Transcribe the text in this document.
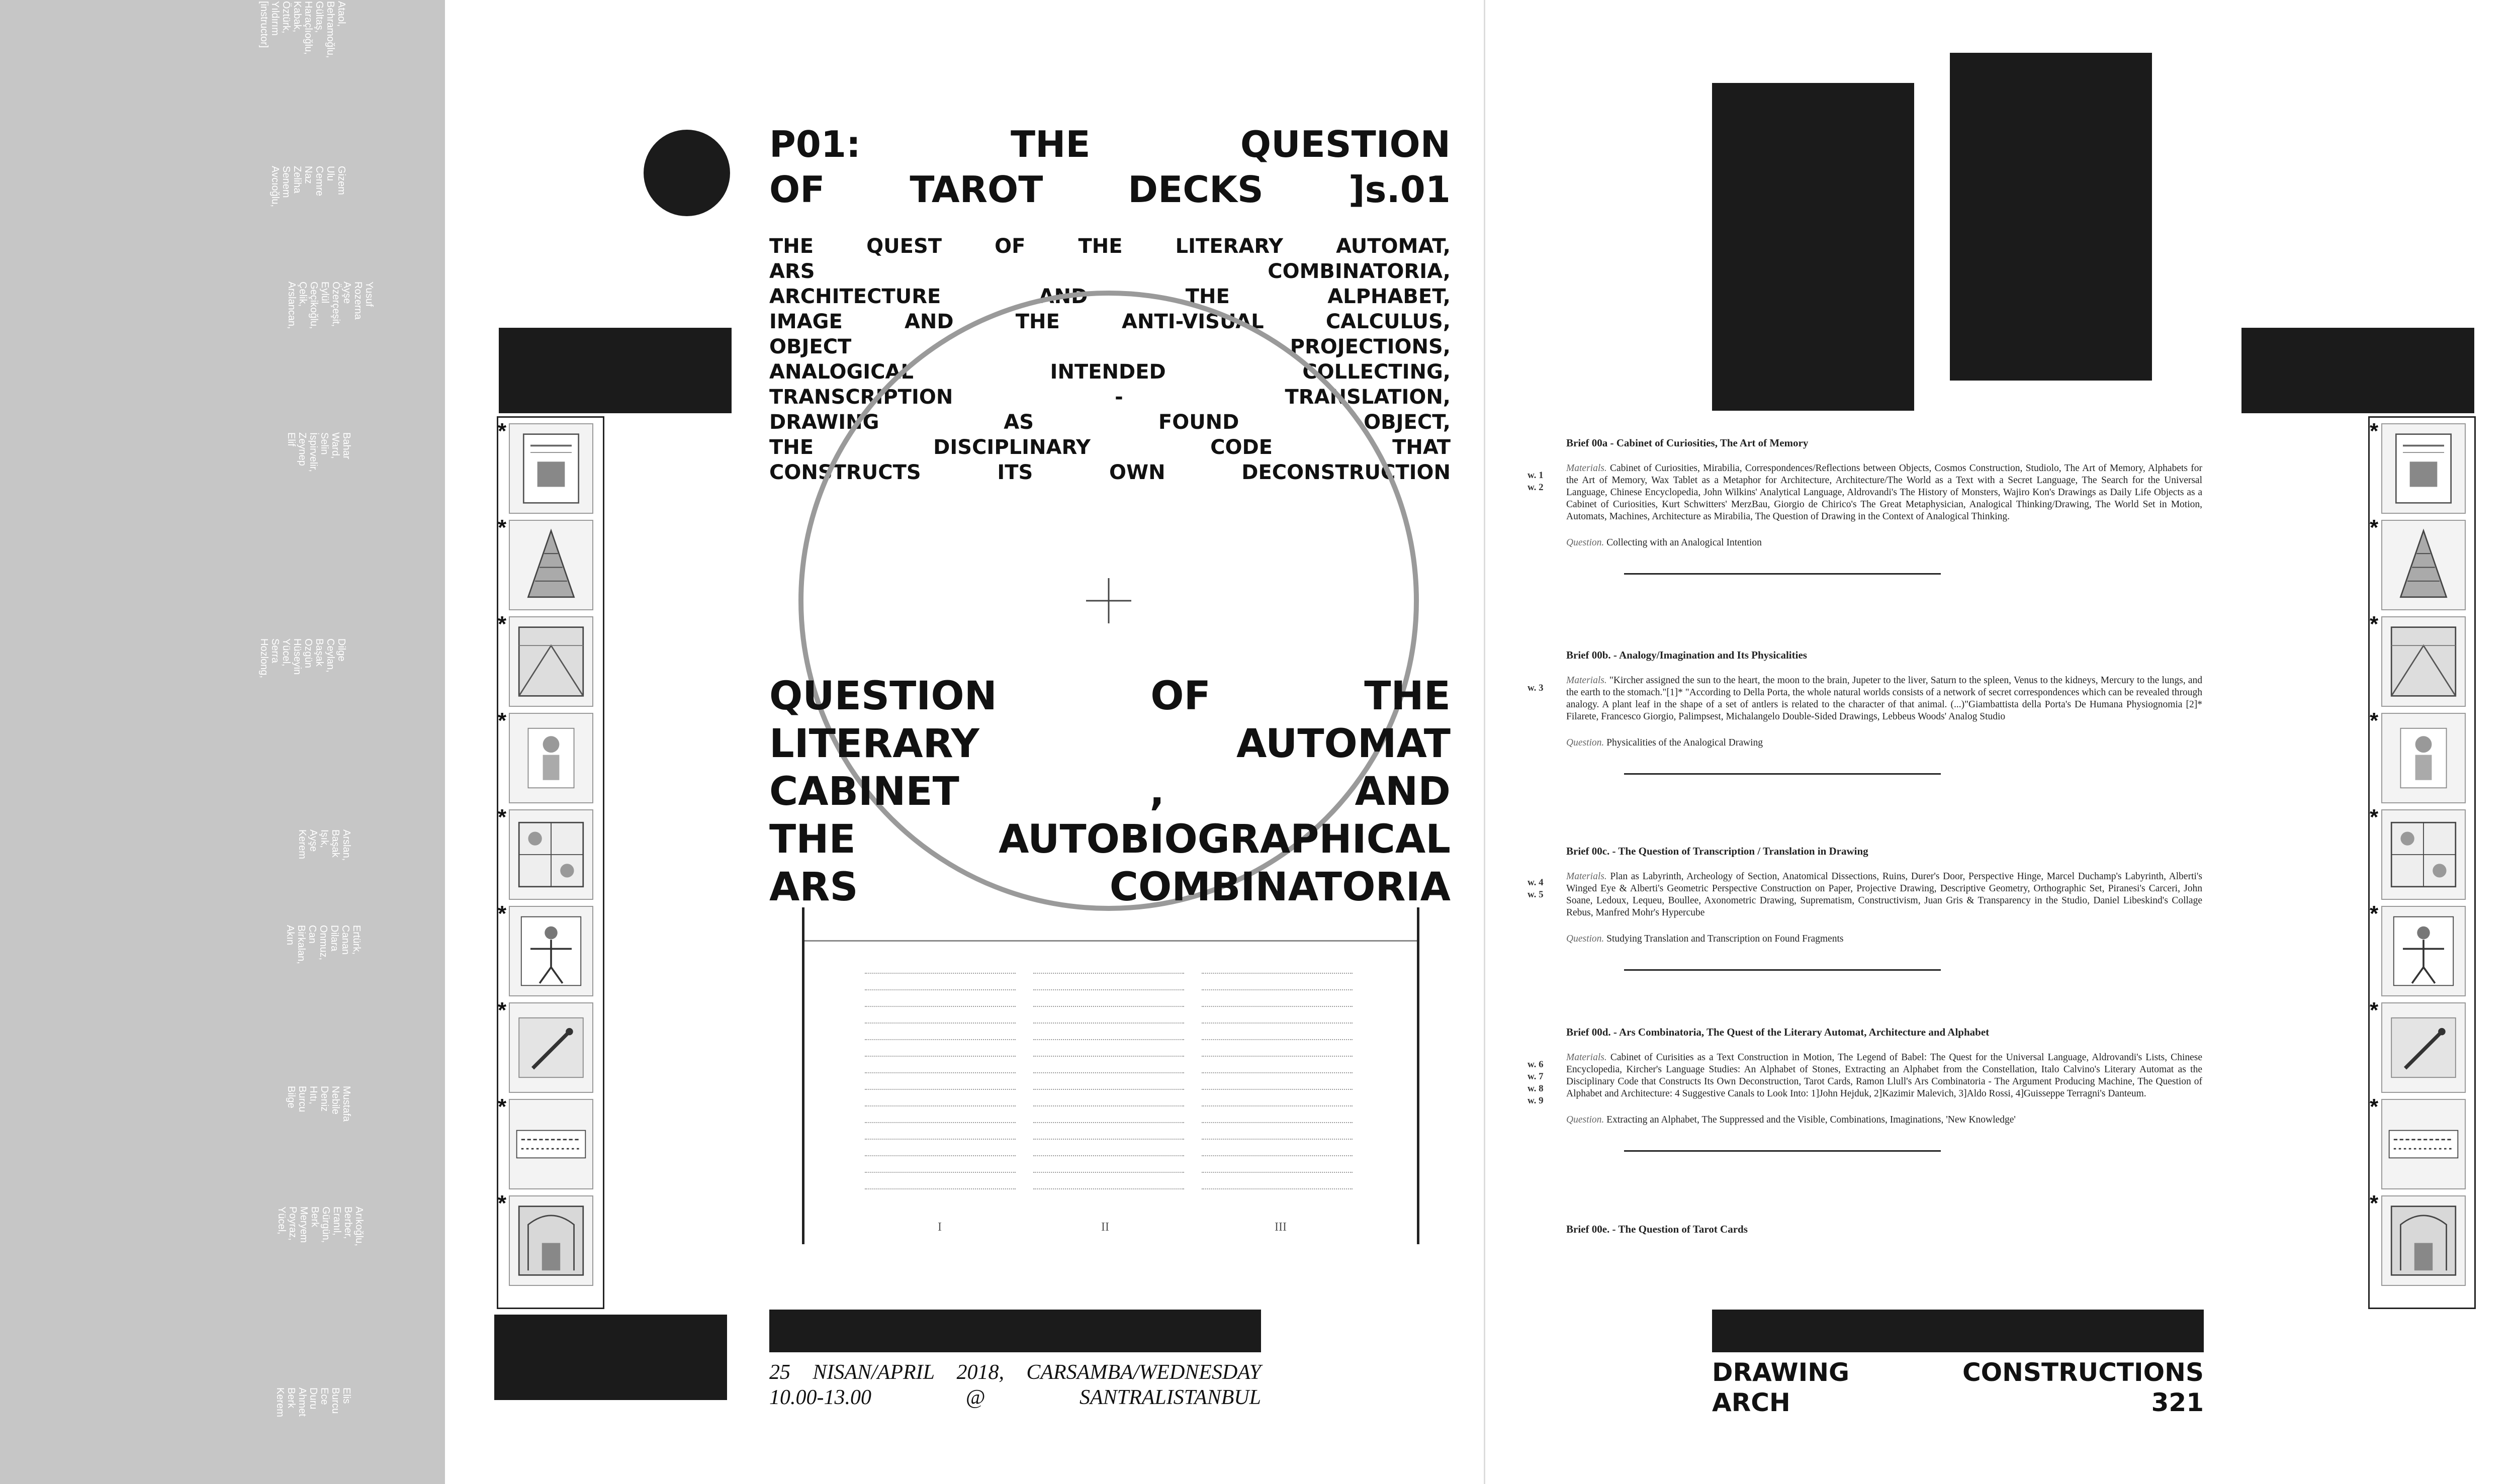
Ataol,
Behramoğlu,
Gültaş,
Haraçlıoğlu,
Kabak,
Öztürk,
Yıldırım
[instructor]
Gizem
Ulu
Cemre
Naz
Zeliha
Senem
Avcıoğlu,
Yusuf
Rozerna
Ayşe
Özerçeşit,
Eylül
Geçikoğlu,
Çelik,
Arslancan,
Bahar
Ward,
Selin
İspirvelir,
Zeynep
Elif
Dilge
Ceylan,
Başak
Ozgün
Hüseyin
Yücel,
Serra
Hozlong,
Arslan,
Başak
Işık,
Ayşe
Kerem
Ertürk,
Canan
Dilara
Onmuz,
Can
Birkalan,
Akın
Mustafa
Nebile
Deniz
Hıtı,
Burcu
Bilge
Arıkoğlu,
Berber,
Eranıl,
Gürgün,
Berk
Meryem
Poyraz,
Yücel,
Elis
Burcu
Ece
Duru
Ahmet
Berk
Kerem
P01: THE QUESTION
OF TAROT DECKS ]s.01
THE QUEST OF THE LITERARY AUTOMAT,
ARS COMBINATORIA,
ARCHITECTURE AND THE ALPHABET,
IMAGE AND THE ANTI-VISUAL CALCULUS,
OBJECT PROJECTIONS,
ANALOGICAL INTENDED COLLECTING,
TRANSCRIPTION - TRANSLATION,
DRAWING AS FOUND OBJECT,
THE DISCIPLINARY CODE THAT
CONSTRUCTS ITS OWN DECONSTRUCTION
QUESTION OF THE
LITERARY AUTOMAT
CABINET , AND
THE AUTOBIOGRAPHICAL
ARS COMBINATORIA
I	II	III
*
*
*
*
*
*
*
*
*
25 NISAN/APRIL 2018, CARSAMBA/WEDNESDAY
10.00-13.00 @ SANTRALISTANBUL
*
*
*
*
*
*
*
*
*
Brief 00a - Cabinet of Curiosities, The Art of Memory

Materials. Cabinet of Curiosities, Mirabilia, Correspondences/Reflections between Objects, Cosmos Construction, Studiolo, The Art of Memory, Alphabets for the Art of Memory, Wax Tablet as a Metaphor for Architecture, Architecture/The World as a Text with a Secret Language, The Search for the Universal Language, Chinese Encyclopedia, John Wilkins' Analytical Language, Aldrovandi's The History of Monsters, Wajiro Kon's Drawings as Daily Life Objects as a Cabinet of Curiosities, Kurt Schwitters' MerzBau, Giorgio de Chirico's The Great Metaphysician, Analogical Thinking/Drawing, The World Set in Motion, Automats, Machines, Architecture as Mirabilia, The Question of Drawing in the Context of Analogical Thinking.

Question. Collecting with an Analogical Intention
w. 1
w. 2
Brief 00b. - Analogy/Imagination and Its Physicalities

Materials. "Kircher assigned the sun to the heart, the moon to the brain, Jupeter to the liver, Saturn to the spleen, Venus to the kidneys, Mercury to the lungs, and the earth to the stomach."[1]* "According to Della Porta, the whole natural worlds consists of a network of secret correspondences which can be revealed through analogy. A plant leaf in the shape of a set of antlers is related to the character of that animal. (...)"Giambattista della Porta's De Humana Physiognomia [2]* Filarete, Francesco Giorgio, Palimpsest, Michalangelo Double-Sided Drawings, Lebbeus Woods' Analog Studio

Question. Physicalities of the Analogical Drawing
w. 3
Brief 00c. - The Question of Transcription / Translation in Drawing

Materials. Plan as Labyrinth, Archeology of Section, Anatomical Dissections, Ruins, Durer's Door, Perspective Hinge, Marcel Duchamp's Labyrinth, Alberti's Winged Eye & Alberti's Geometric Perspective Construction on Paper, Projective Drawing, Descriptive Geometry, Orthographic Set, Piranesi's Carceri, John Soane, Ledoux, Lequeu, Boullee, Axonometric Drawing, Suprematism, Constructivism, Juan Gris & Transparency in the Studio, Daniel Libeskind's Collage Rebus, Manfred Mohr's Hypercube

Question. Studying Translation and Transcription on Found Fragments
w. 4
w. 5
Brief 00d. - Ars Combinatoria, The Quest of the Literary Automat, Architecture and Alphabet

Materials. Cabinet of Curisities as a Text Construction in Motion, The Legend of Babel: The Quest for the Universal Language, Aldrovandi's Lists, Chinese Encyclopedia, Kircher's Language Studies: An Alphabet of Stones, Extracting an Alphabet from the Constellation, Italo Calvino's Literary Automat as the Disciplinary Code that Constructs Its Own Deconstruction, Tarot Cards, Ramon Llull's Ars Combinatoria - The Argument Producing Machine, The Question of Alphabet and Architecture: 4 Suggestive Canals to Look Into: 1]John Hejduk, 2]Kazimir Malevich, 3]Aldo Rossi, 4]Guisseppe Terragni's Danteum.

Question. Extracting an Alphabet, The Suppressed and the Visible, Combinations, Imaginations, 'New Knowledge'
w. 6
w. 7
w. 8
w. 9
Brief 00e. - The Question of Tarot Cards
DRAWING CONSTRUCTIONS
ARCH 321
